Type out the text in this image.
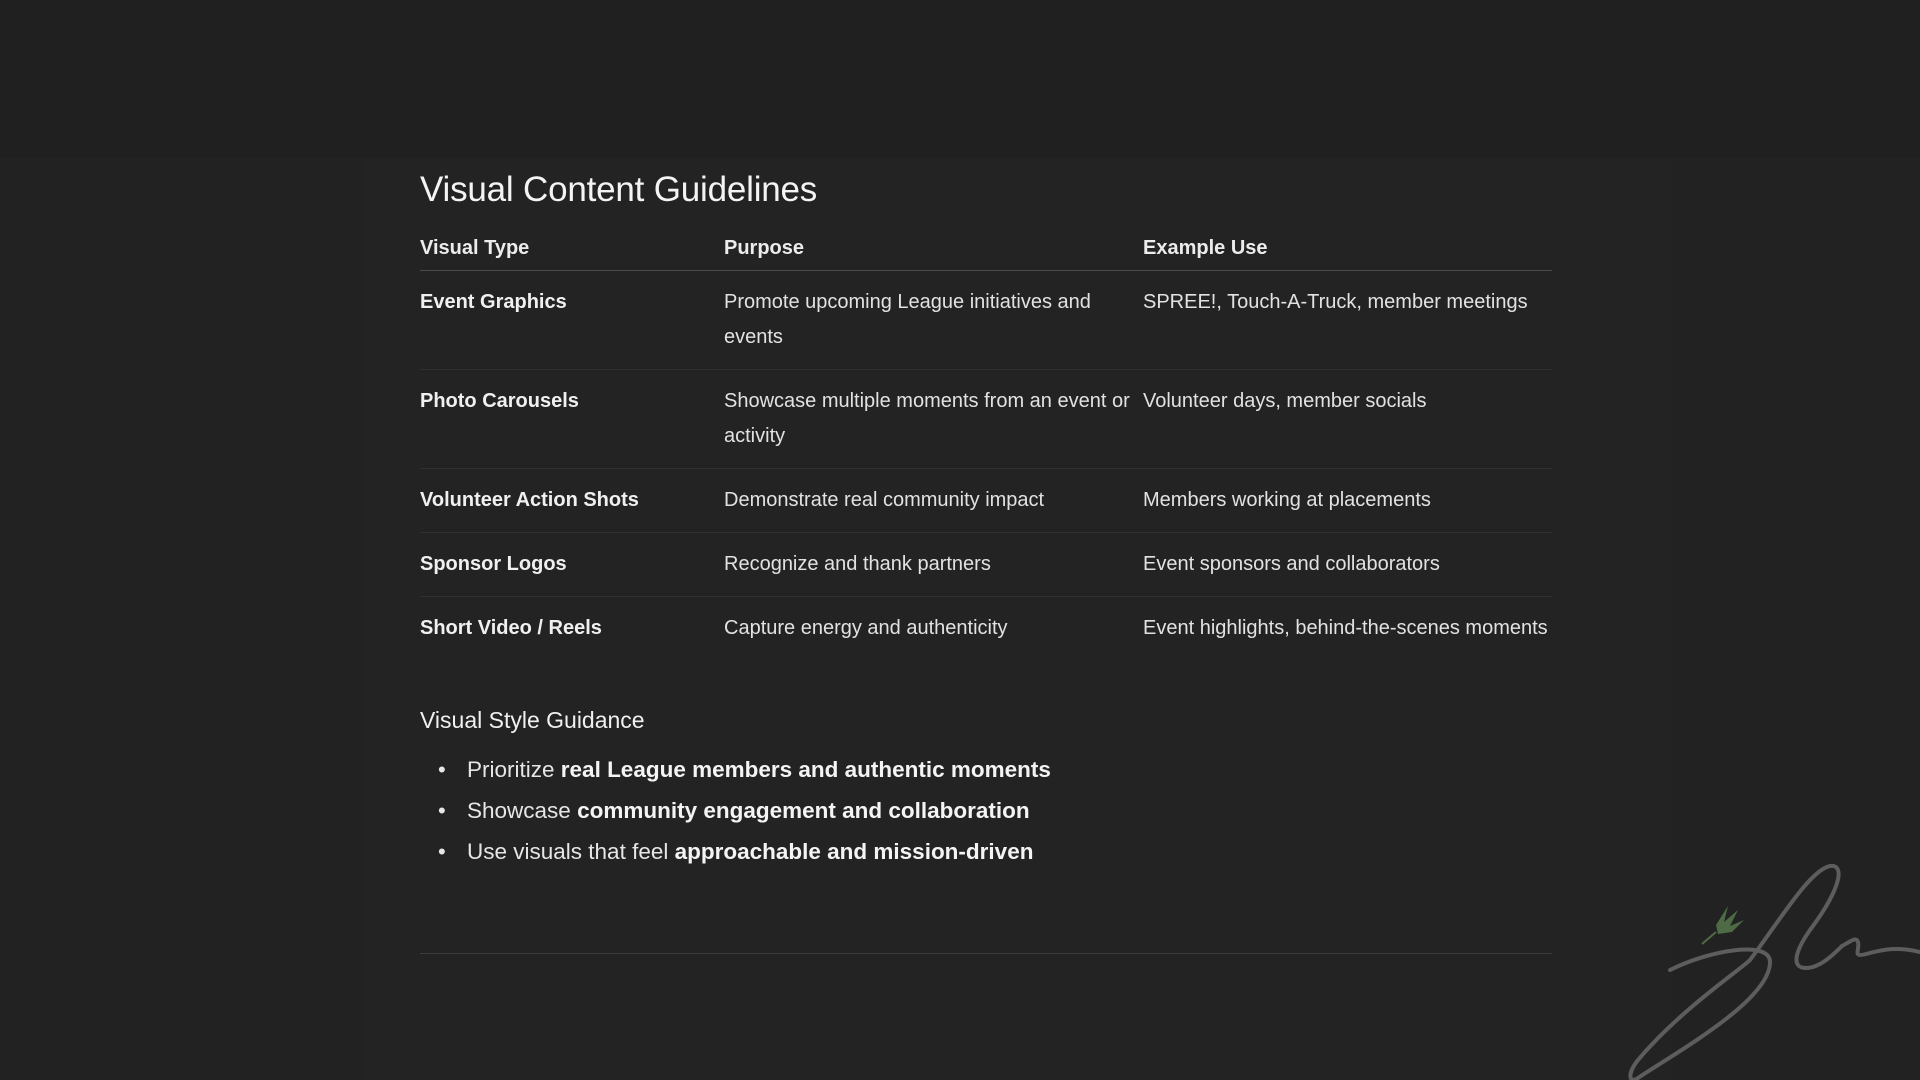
Visual Content Guidelines
Visual Type	Purpose	Example Use
Event Graphics	Promote upcoming League initiatives and events	SPREE!, Touch-A-Truck, member meetings
Photo Carousels	Showcase multiple moments from an event or activity	Volunteer days, member socials
Volunteer Action Shots	Demonstrate real community impact	Members working at placements
Sponsor Logos	Recognize and thank partners	Event sponsors and collaborators
Short Video / Reels	Capture energy and authenticity	Event highlights, behind-the-scenes moments
Visual Style Guidance
• Prioritize real League members and authentic moments
• Showcase community engagement and collaboration
• Use visuals that feel approachable and mission-driven
